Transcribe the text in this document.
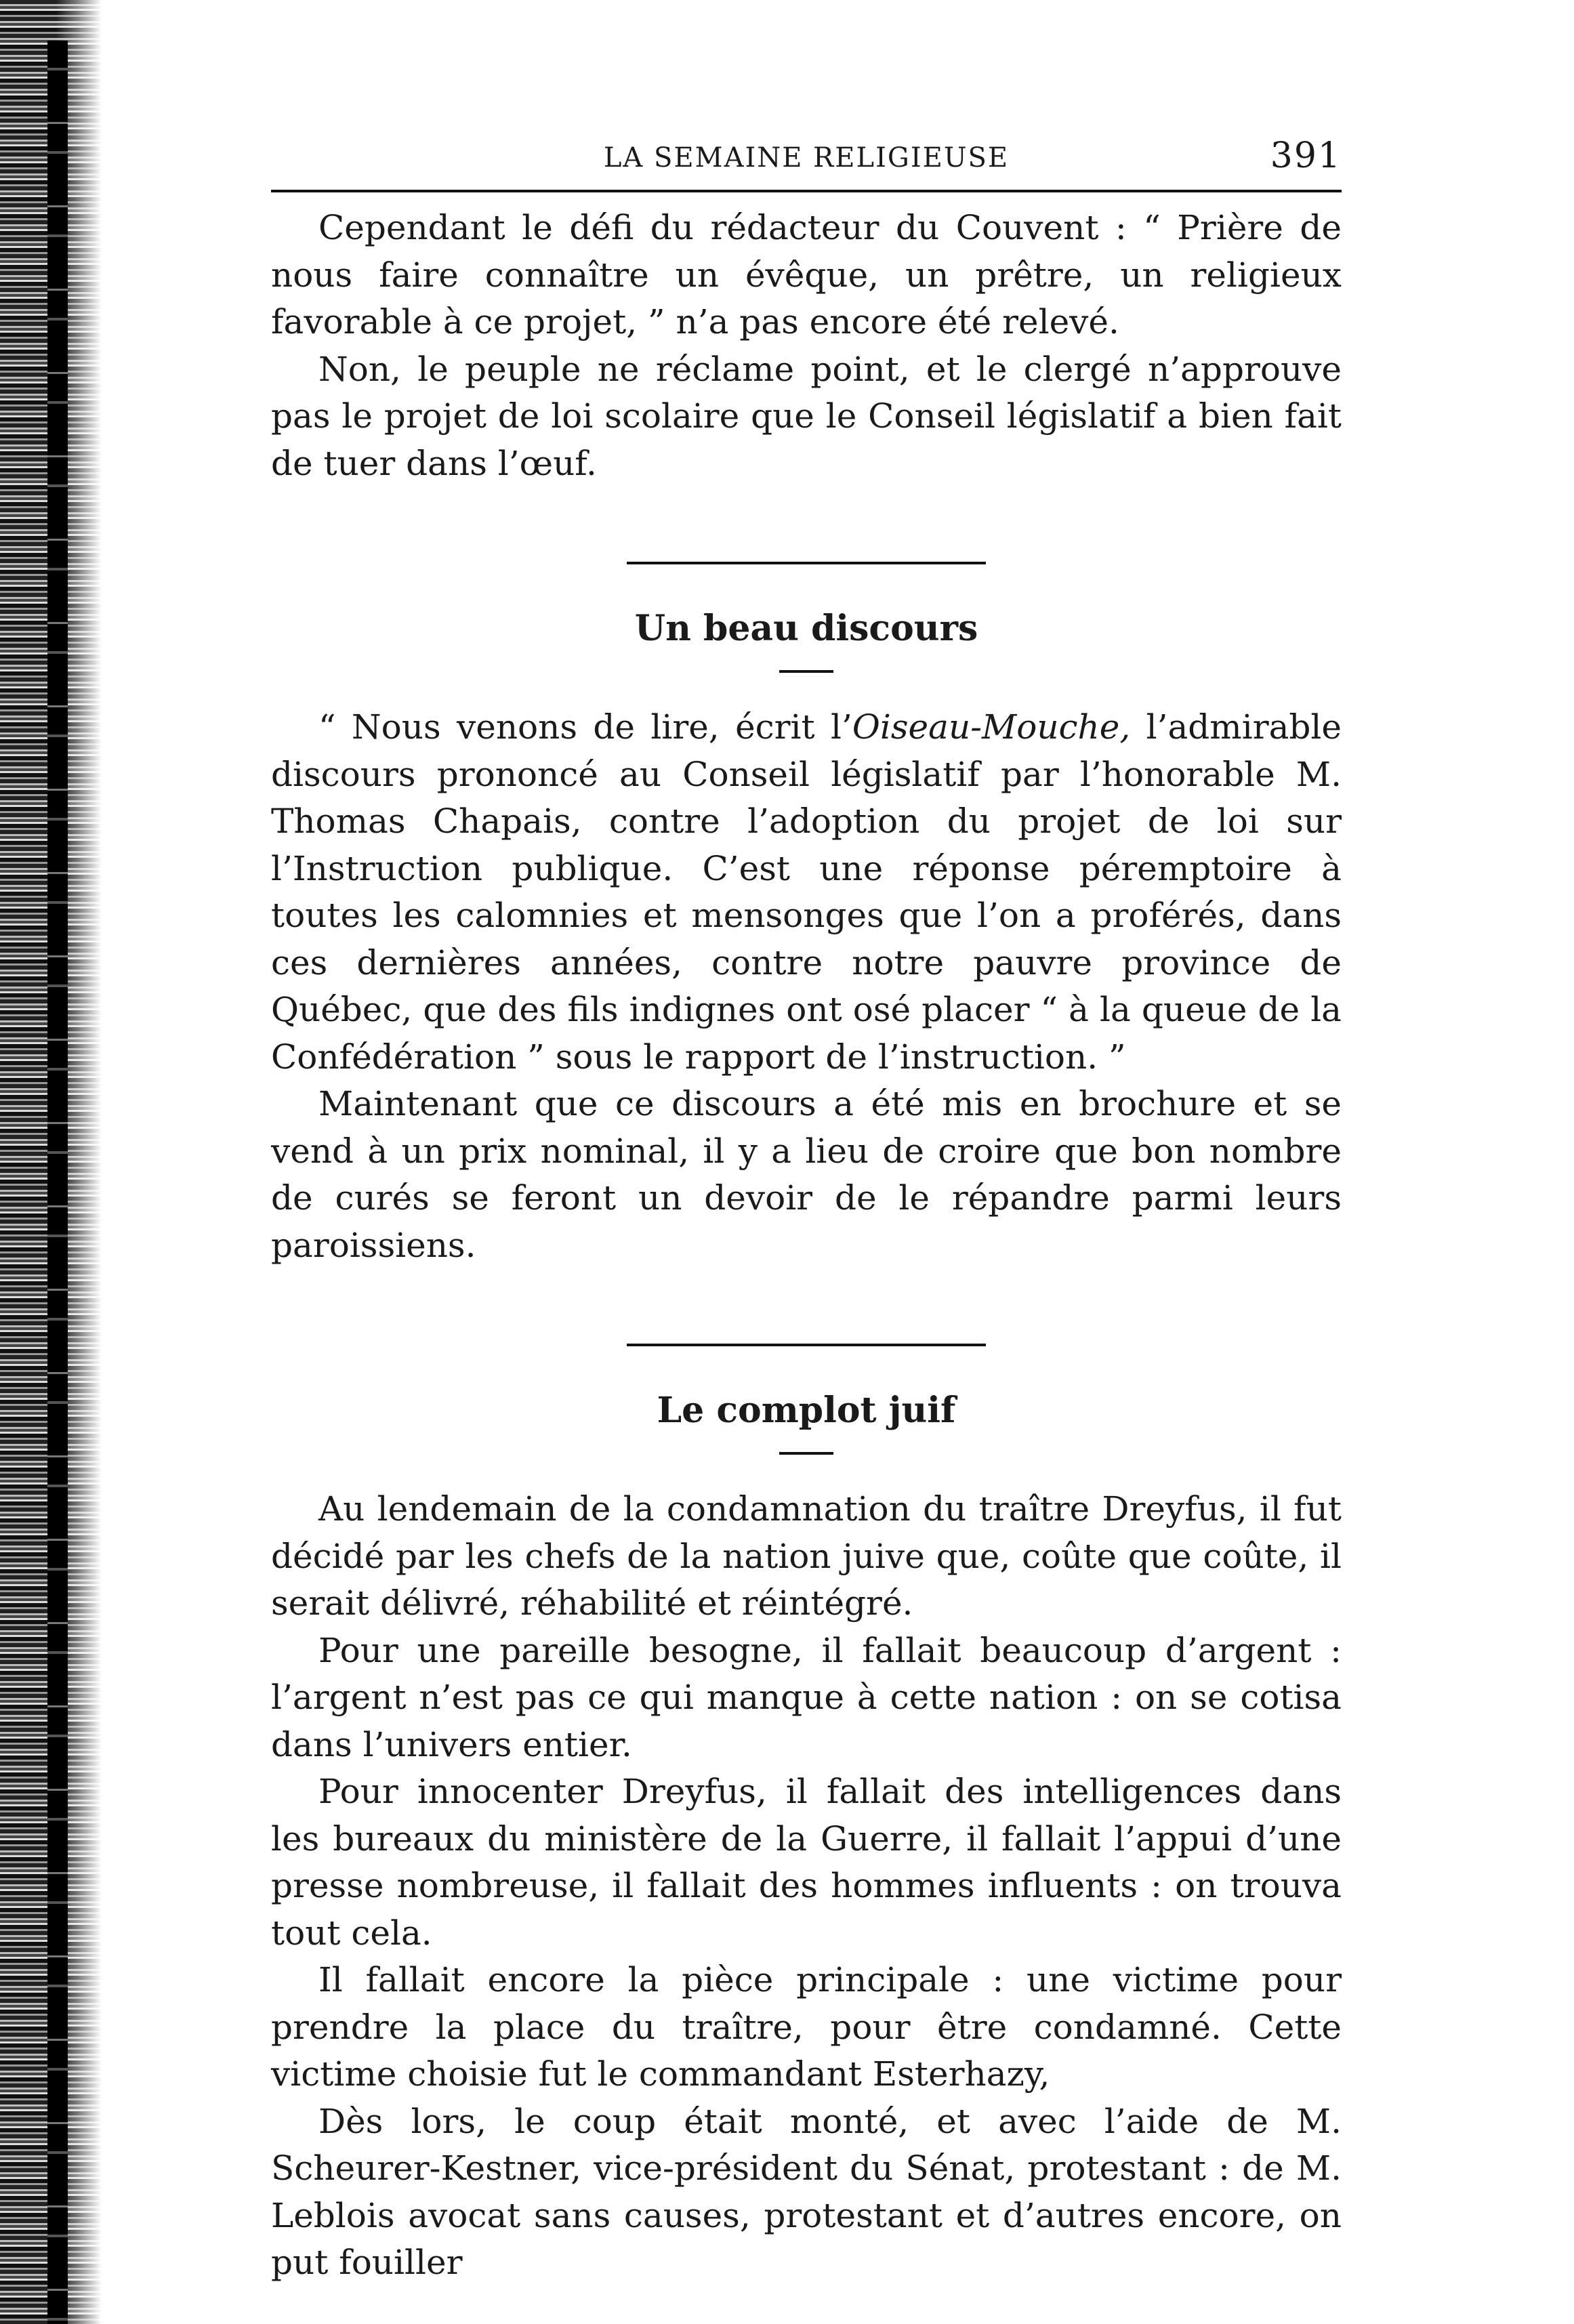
LA SEMAINE RELIGIEUSE	391

Cependant le défi du rédacteur du Couvent : “ Prière de nous faire connaître un évêque, un prêtre, un religieux favorable à ce projet, ” n’a pas encore été relevé.

Non, le peuple ne réclame point, et le clergé n’approuve pas le projet de loi scolaire que le Conseil législatif a bien fait de tuer dans l’œuf.

Un beau discours

“ Nous venons de lire, écrit l’Oiseau-Mouche, l’admirable discours prononcé au Conseil législatif par l’honorable M. Thomas Chapais, contre l’adoption du projet de loi sur l’Instruction publique. C’est une réponse péremptoire à toutes les calomnies et mensonges que l’on a proférés, dans ces dernières années, contre notre pauvre province de Québec, que des fils indignes ont osé placer “ à la queue de la Confédération ” sous le rapport de l’instruction. ”

Maintenant que ce discours a été mis en brochure et se vend à un prix nominal, il y a lieu de croire que bon nombre de curés se feront un devoir de le répandre parmi leurs paroissiens.

Le complot juif

Au lendemain de la condamnation du traître Dreyfus, il fut décidé par les chefs de la nation juive que, coûte que coûte, il serait délivré, réhabilité et réintégré.

Pour une pareille besogne, il fallait beaucoup d’argent : l’argent n’est pas ce qui manque à cette nation : on se cotisa dans l’univers entier.

Pour innocenter Dreyfus, il fallait des intelligences dans les bureaux du ministère de la Guerre, il fallait l’appui d’une presse nombreuse, il fallait des hommes influents : on trouva tout cela.

Il fallait encore la pièce principale : une victime pour prendre la place du traître, pour être condamné. Cette victime choisie fut le commandant Esterhazy,

Dès lors, le coup était monté, et avec l’aide de M. Scheurer-Kestner, vice-président du Sénat, protestant : de M. Leblois avocat sans causes, protestant et d’autres encore, on put fouiller
